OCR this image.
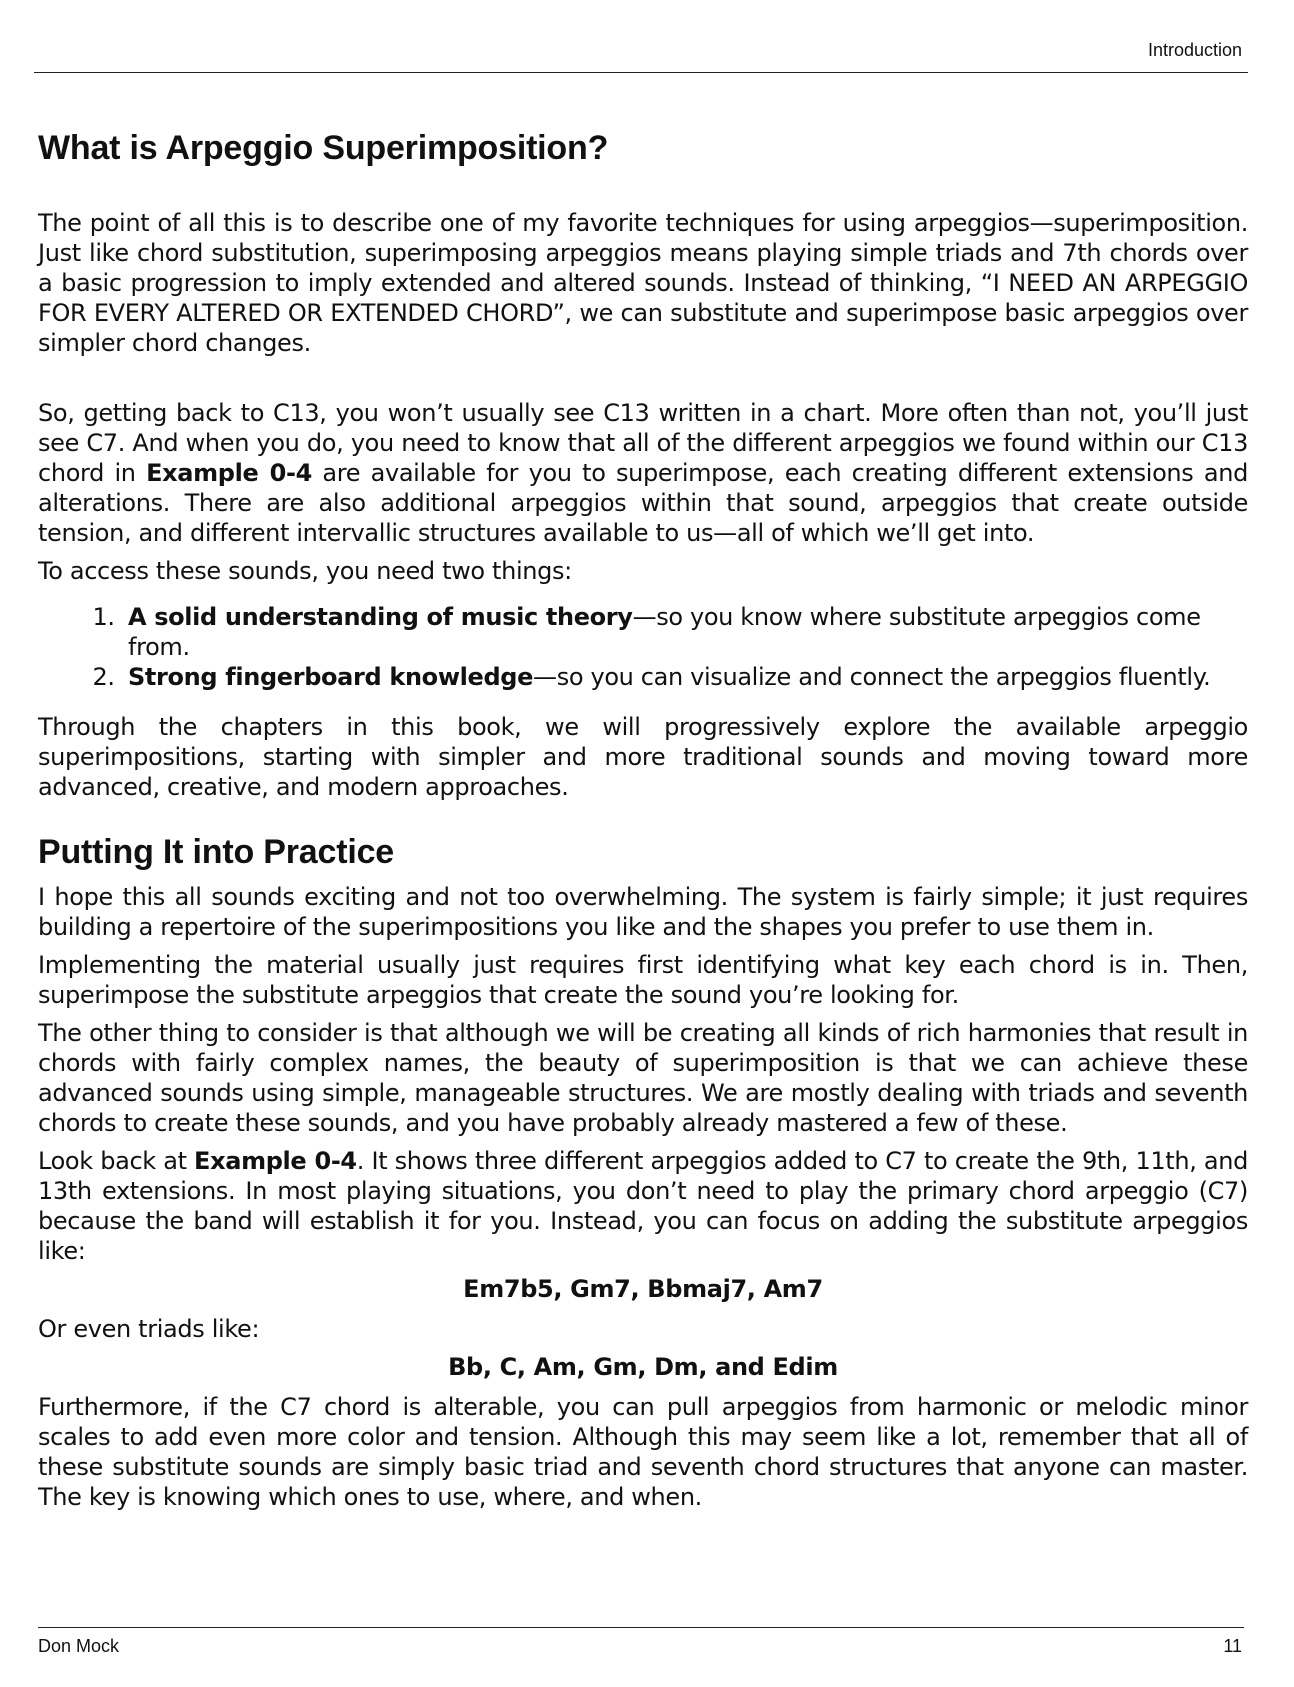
Introduction
What is Arpeggio Superimposition?

The point of all this is to describe one of my favorite techniques for using arpeggios—superimposition. Just like chord substitution, superimposing arpeggios means playing simple triads and 7th chords over a basic progression to imply extended and altered sounds. Instead of thinking, “I NEED AN ARPEGGIO FOR EVERY ALTERED OR EXTENDED CHORD”, we can substitute and superimpose basic arpeggios over simpler chord changes.

So, getting back to C13, you won’t usually see C13 written in a chart. More often than not, you’ll just see C7. And when you do, you need to know that all of the different arpeggios we found within our C13 chord in Example 0-4 are available for you to superimpose, each creating different extensions and alterations. There are also additional arpeggios within that sound, arpeggios that create outside tension, and different intervallic structures available to us—all of which we’ll get into.

To access these sounds, you need two things:

1. A solid understanding of music theory—so you know where substitute arpeggios come from.
2. Strong fingerboard knowledge—so you can visualize and connect the arpeggios fluently.

Through the chapters in this book, we will progressively explore the available arpeggio superimpositions, starting with simpler and more traditional sounds and moving toward more advanced, creative, and modern approaches.

Putting It into Practice

I hope this all sounds exciting and not too overwhelming. The system is fairly simple; it just requires building a repertoire of the superimpositions you like and the shapes you prefer to use them in.

Implementing the material usually just requires first identifying what key each chord is in. Then, superimpose the substitute arpeggios that create the sound you’re looking for.

The other thing to consider is that although we will be creating all kinds of rich harmonies that result in chords with fairly complex names, the beauty of superimposition is that we can achieve these advanced sounds using simple, manageable structures. We are mostly dealing with triads and seventh chords to create these sounds, and you have probably already mastered a few of these.

Look back at Example 0-4. It shows three different arpeggios added to C7 to create the 9th, 11th, and 13th extensions. In most playing situations, you don’t need to play the primary chord arpeggio (C7) because the band will establish it for you. Instead, you can focus on adding the substitute arpeggios like:

Em7b5, Gm7, Bbmaj7, Am7

Or even triads like:

Bb, C, Am, Gm, Dm, and Edim

Furthermore, if the C7 chord is alterable, you can pull arpeggios from harmonic or melodic minor scales to add even more color and tension. Although this may seem like a lot, remember that all of these substitute sounds are simply basic triad and seventh chord structures that anyone can master. The key is knowing which ones to use, where, and when.

Don Mock	11
